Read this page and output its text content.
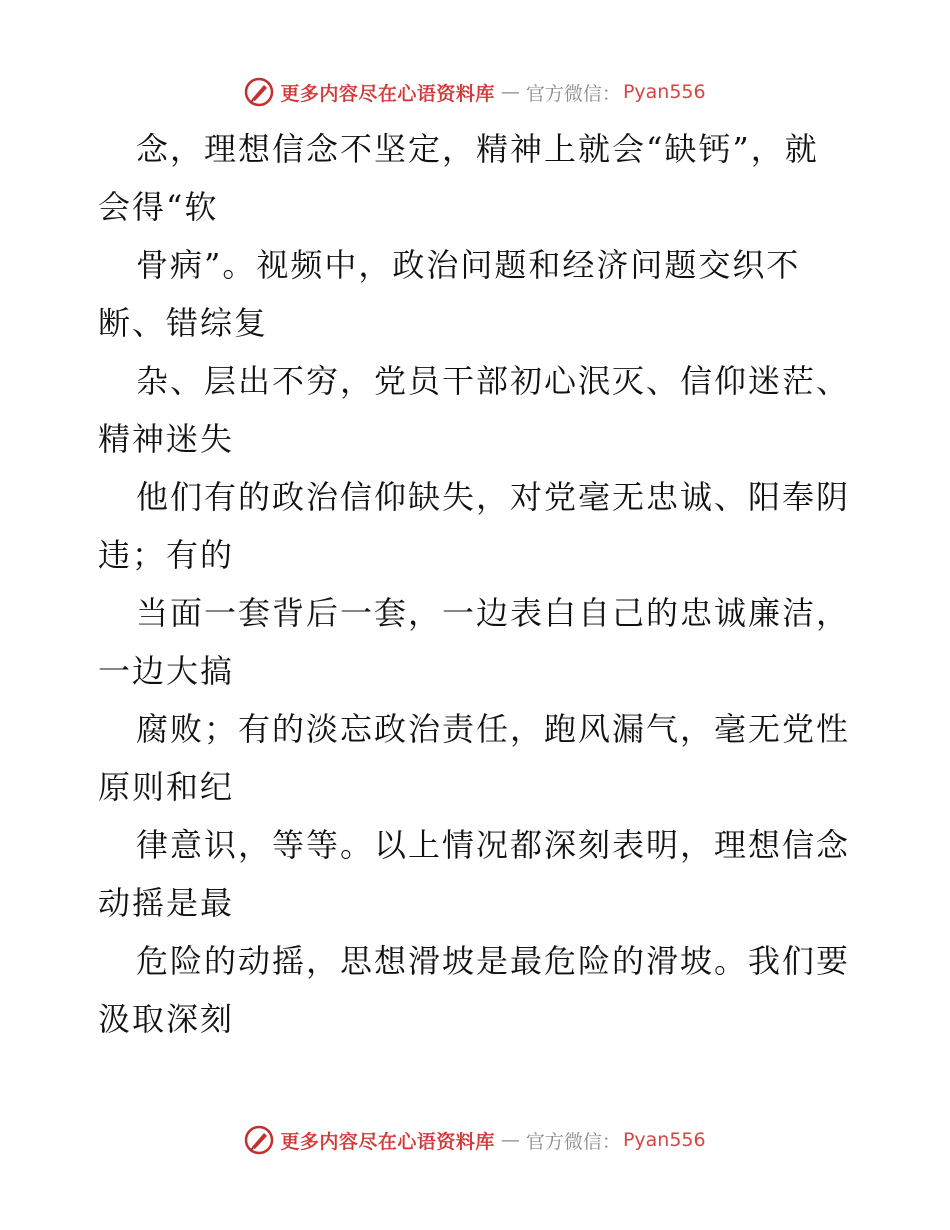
更多内容尽在心语资料库 — 官方微信： Pyan556
念，理想信念不坚定，精神上就会“缺钙”，就
会得“软
骨病”。视频中，政治问题和经济问题交织不
断、错综复
杂、层出不穷，党员干部初心泯灭、信仰迷茫、
精神迷失
他们有的政治信仰缺失，对党毫无忠诚、阳奉阴
违；有的
当面一套背后一套，一边表白自己的忠诚廉洁，
一边大搞
腐败；有的淡忘政治责任，跑风漏气，毫无党性
原则和纪
律意识，等等。以上情况都深刻表明，理想信念
动摇是最
危险的动摇，思想滑坡是最危险的滑坡。我们要
汲取深刻
更多内容尽在心语资料库 — 官方微信： Pyan556
